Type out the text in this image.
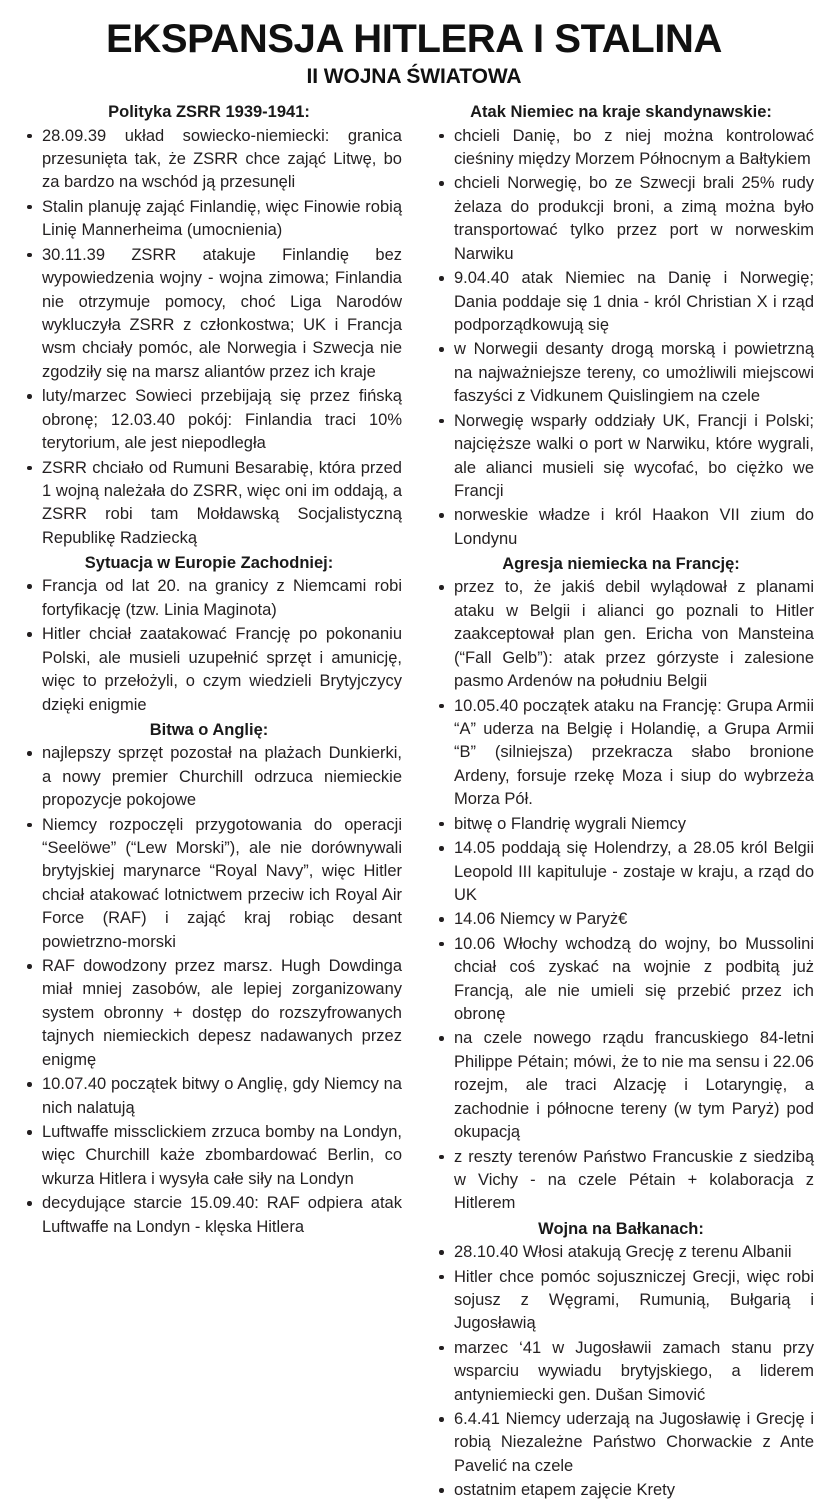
EKSPANSJA HITLERA I STALINA
II WOJNA ŚWIATOWA
Polityka ZSRR 1939-1941:
28.09.39 układ sowiecko-niemiecki: granica przesunięta tak, że ZSRR chce zająć Litwę, bo za bardzo na wschód ją przesunęli
Stalin planuję zająć Finlandię, więc Finowie robią Linię Mannerheima (umocnienia)
30.11.39 ZSRR atakuje Finlandię bez wypowiedzenia wojny - wojna zimowa; Finlandia nie otrzymuje pomocy, choć Liga Narodów wykluczyła ZSRR z członkostwa; UK i Francja wsm chciały pomóc, ale Norwegia i Szwecja nie zgodziły się na marsz aliantów przez ich kraje
luty/marzec Sowieci przebijają się przez fińską obronę; 12.03.40 pokój: Finlandia traci 10% terytorium, ale jest niepodległa
ZSRR chciało od Rumuni Besarabię, która przed 1 wojną należała do ZSRR, więc oni im oddają, a ZSRR robi tam Mołdawską Socjalistyczną Republikę Radziecką
Sytuacja w Europie Zachodniej:
Francja od lat 20. na granicy z Niemcami robi fortyfikację (tzw. Linia Maginota)
Hitler chciał zaatakować Francję po pokonaniu Polski, ale musieli uzupełnić sprzęt i amunicję, więc to przełożyli, o czym wiedzieli Brytyjczycy dzięki enigmie
Bitwa o Anglię:
najlepszy sprzęt pozostał na plażach Dunkierki, a nowy premier Churchill odrzuca niemieckie propozycje pokojowe
Niemcy rozpoczęli przygotowania do operacji “Seelöwe” (“Lew Morski”), ale nie dorównywali brytyjskiej marynarce “Royal Navy”, więc Hitler chciał atakować lotnictwem przeciw ich Royal Air Force (RAF) i zająć kraj robiąc desant powietrzno-morski
RAF dowodzony przez marsz. Hugh Dowdinga miał mniej zasobów, ale lepiej zorganizowany system obronny + dostęp do rozszyfrowanych tajnych niemieckich depesz nadawanych przez enigmę
10.07.40 początek bitwy o Anglię, gdy Niemcy na nich nalatują
Luftwaffe missclickiem zrzuca bomby na Londyn, więc Churchill każe zbombardować Berlin, co wkurza Hitlera i wysyła całe siły na Londyn
decydujące starcie 15.09.40: RAF odpiera atak Luftwaffe na Londyn - klęska Hitlera
Atak Niemiec na kraje skandynawskie:
chcieli Danię, bo z niej można kontrolować cieśniny między Morzem Północnym a Bałtykiem
chcieli Norwegię, bo ze Szwecji brali 25% rudy żelaza do produkcji broni, a zimą można było transportować tylko przez port w norweskim Narwiku
9.04.40 atak Niemiec na Danię i Norwegię; Dania poddaje się 1 dnia - król Christian X i rząd podporządkowują się
w Norwegii desanty drogą morską i powietrzną na najważniejsze tereny, co umożliwili miejscowi faszyści z Vidkunem Quislingiem na czele
Norwegię wsparły oddziały UK, Francji i Polski; najcięższe walki o port w Narwiku, które wygrali, ale alianci musieli się wycofać, bo ciężko we Francji
norweskie władze i król Haakon VII zium do Londynu
Agresja niemiecka na Francję:
przez to, że jakiś debil wylądował z planami ataku w Belgii i alianci go poznali to Hitler zaakceptował plan gen. Ericha von Mansteina (“Fall Gelb”): atak przez górzyste i zalesione pasmo Ardenów na południu Belgii
10.05.40 początek ataku na Francję: Grupa Armii “A” uderza na Belgię i Holandię, a Grupa Armii “B” (silniejsza) przekracza słabo bronione Ardeny, forsuje rzekę Moza i siup do wybrzeża Morza Pół.
bitwę o Flandrię wygrali Niemcy
14.05 poddają się Holendrzy, a 28.05 król Belgii Leopold III kapituluje - zostaje w kraju, a rząd do UK
14.06 Niemcy w Paryż€
10.06 Włochy wchodzą do wojny, bo Mussolini chciał coś zyskać na wojnie z podbitą już Francją, ale nie umieli się przebić przez ich obronę
na czele nowego rządu francuskiego 84-letni Philippe Pétain; mówi, że to nie ma sensu i 22.06 rozejm, ale traci Alzację i Lotaryngię, a zachodnie i północne tereny (w tym Paryż) pod okupacją
z reszty terenów Państwo Francuskie z siedzibą w Vichy - na czele Pétain + kolaboracja z Hitlerem
Wojna na Bałkanach:
28.10.40 Włosi atakują Grecję z terenu Albanii
Hitler chce pomóc sojuszniczej Grecji, więc robi sojusz z Węgrami, Rumunią, Bułgarią i Jugosławią
marzec ‘41 w Jugosławii zamach stanu przy wsparciu wywiadu brytyjskiego, a liderem antyniemiecki gen. Dušan Simović
6.4.41 Niemcy uderzają na Jugosławię i Grecję i robią Niezależne Państwo Chorwackie z Ante Pavelić na czele
ostatnim etapem zajęcie Krety
